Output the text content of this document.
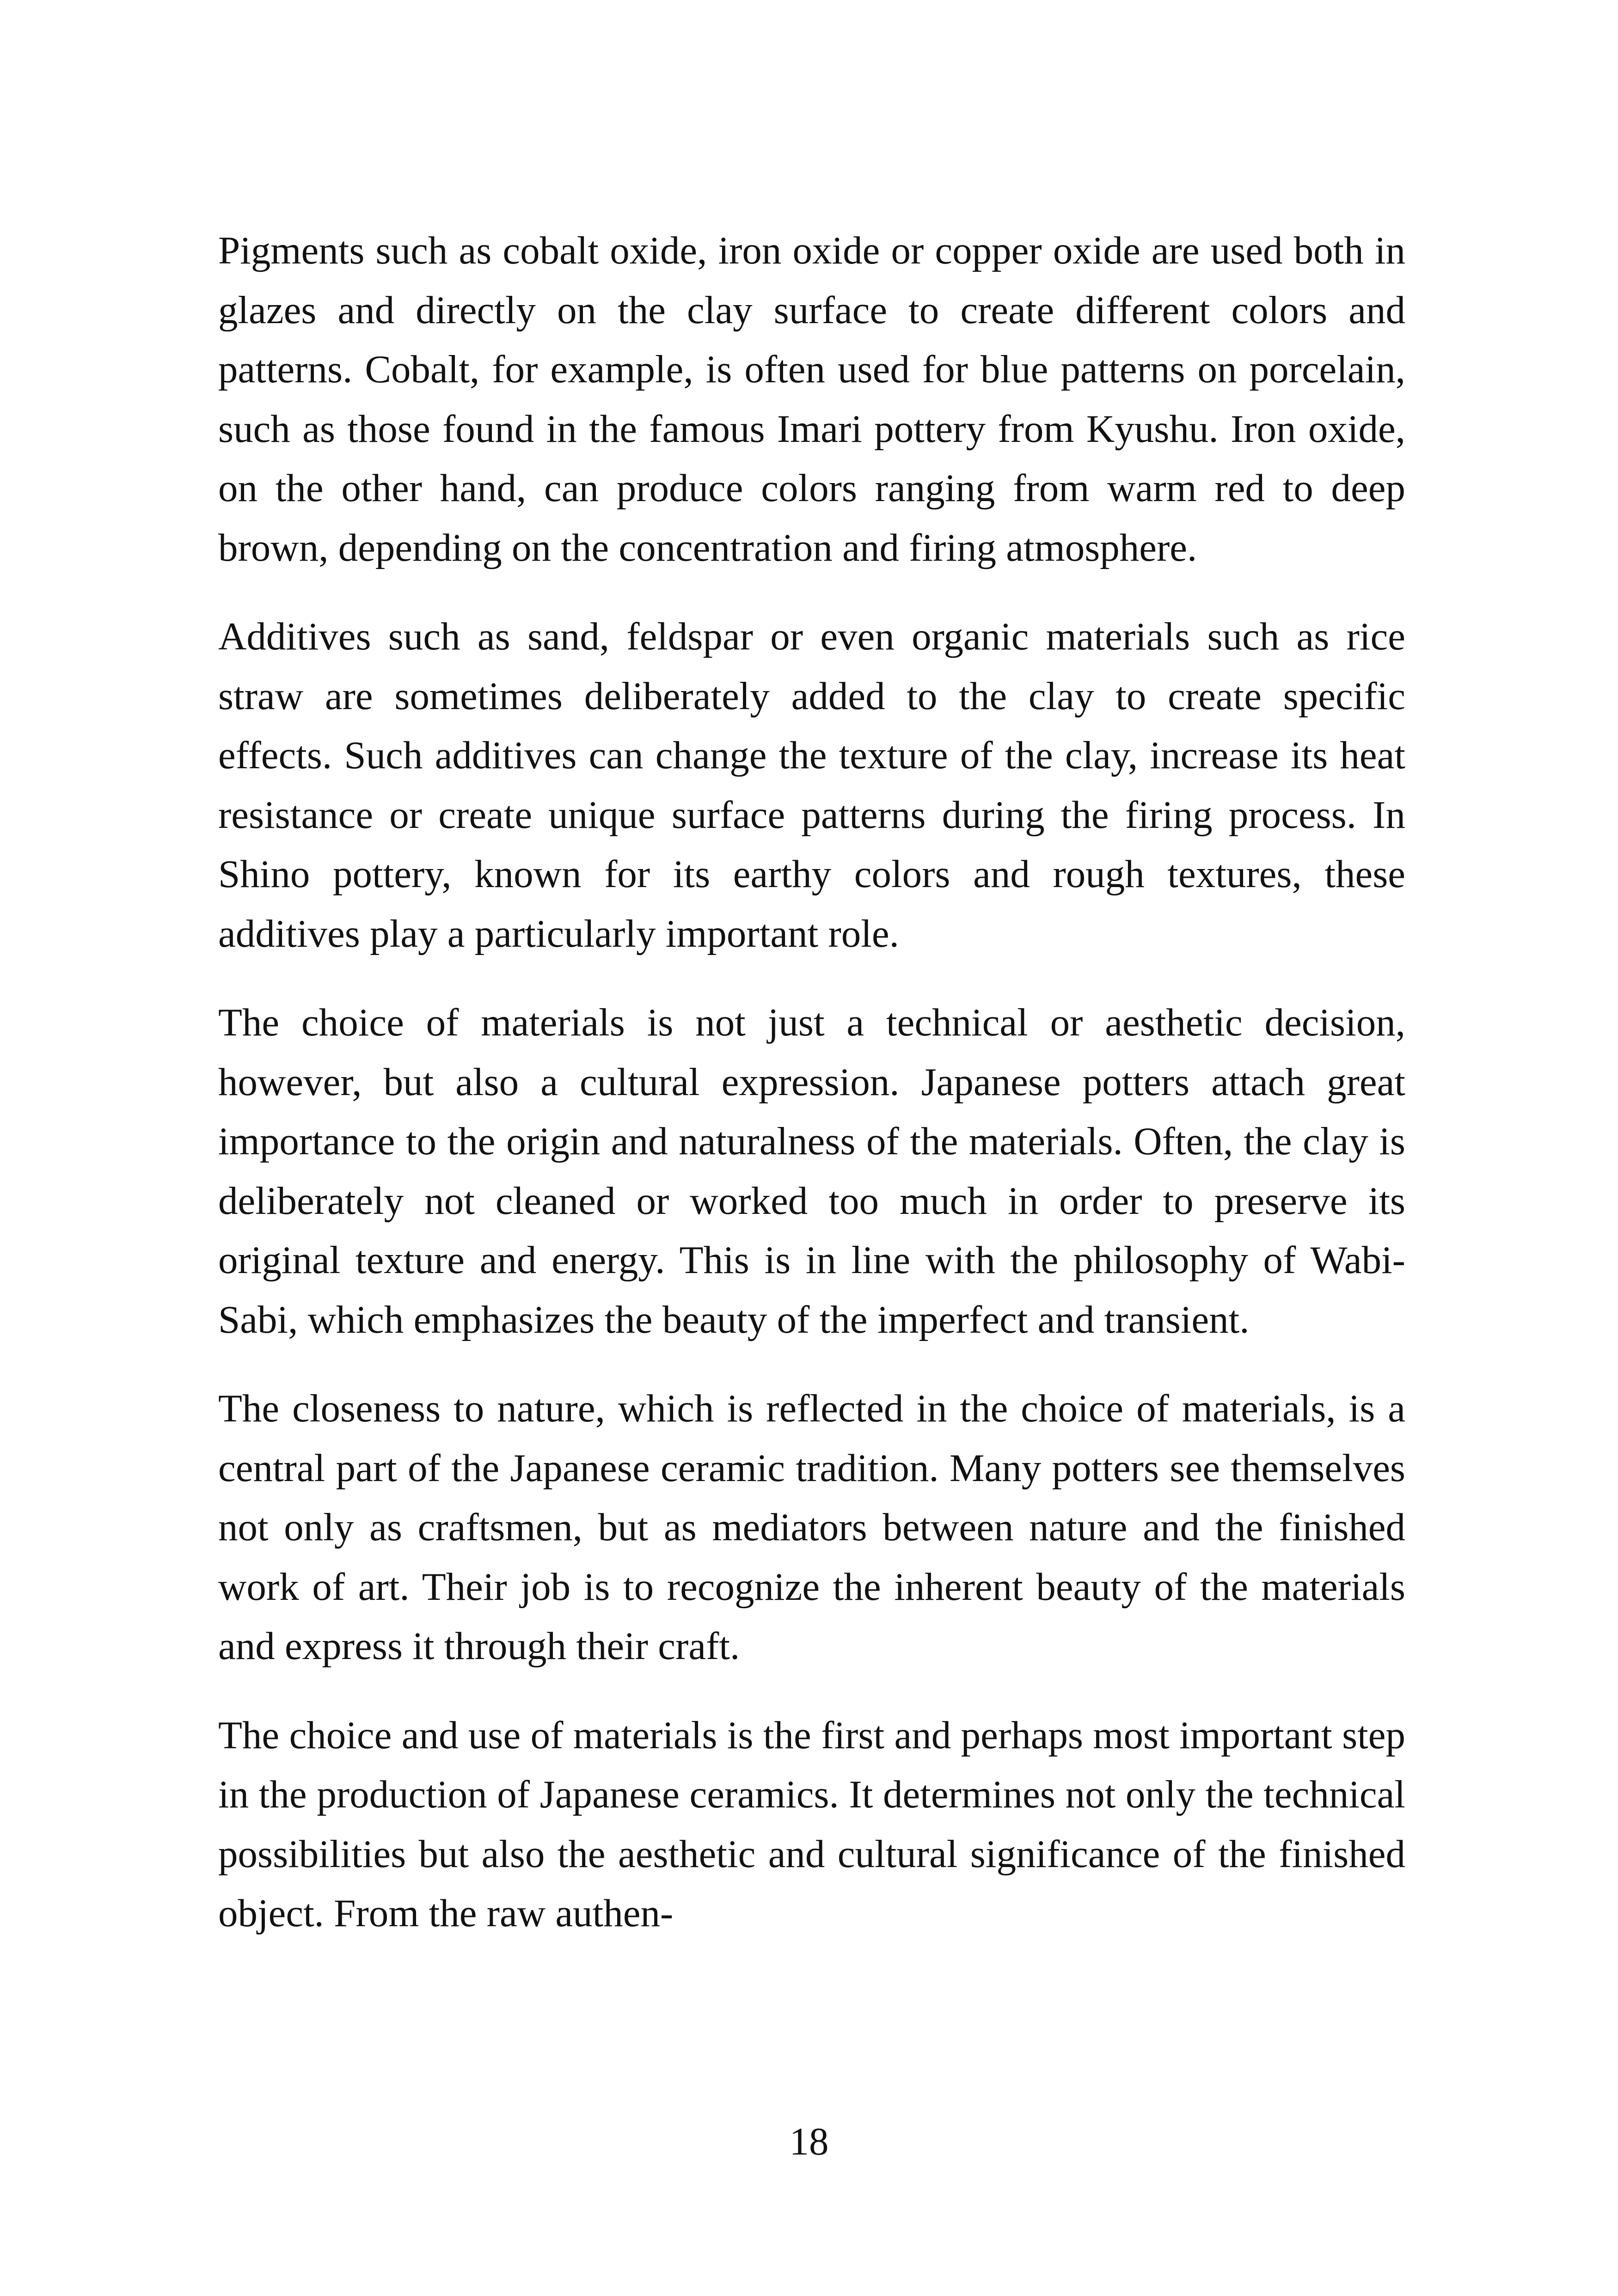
Pigments such as cobalt oxide, iron oxide or copper oxide are used both in glazes and directly on the clay surface to create different colors and patterns. Cobalt, for example, is often used for blue patterns on porcelain, such as those found in the famous Imari pottery from Kyushu. Iron oxide, on the other hand, can produce colors ranging from warm red to deep brown, depending on the concentration and firing atmosphere.

Additives such as sand, feldspar or even organic materials such as rice straw are sometimes deliberately added to the clay to create specific effects. Such additives can change the texture of the clay, increase its heat resistance or create unique surface patterns during the firing process. In Shino pottery, known for its earthy colors and rough textures, these additives play a particularly important role.

The choice of materials is not just a technical or aesthetic decision, however, but also a cultural expression. Japanese potters attach great importance to the origin and naturalness of the materials. Often, the clay is deliberately not cleaned or worked too much in order to preserve its original texture and energy. This is in line with the philosophy of Wabi-Sabi, which emphasizes the beauty of the imperfect and transient.

The closeness to nature, which is reflected in the choice of materials, is a central part of the Japanese ceramic tradition. Many potters see themselves not only as craftsmen, but as mediators between nature and the finished work of art. Their job is to recognize the inherent beauty of the materials and express it through their craft.

The choice and use of materials is the first and perhaps most important step in the production of Japanese ceramics. It determines not only the technical possibilities but also the aesthetic and cultural significance of the finished object. From the raw authen-

18
